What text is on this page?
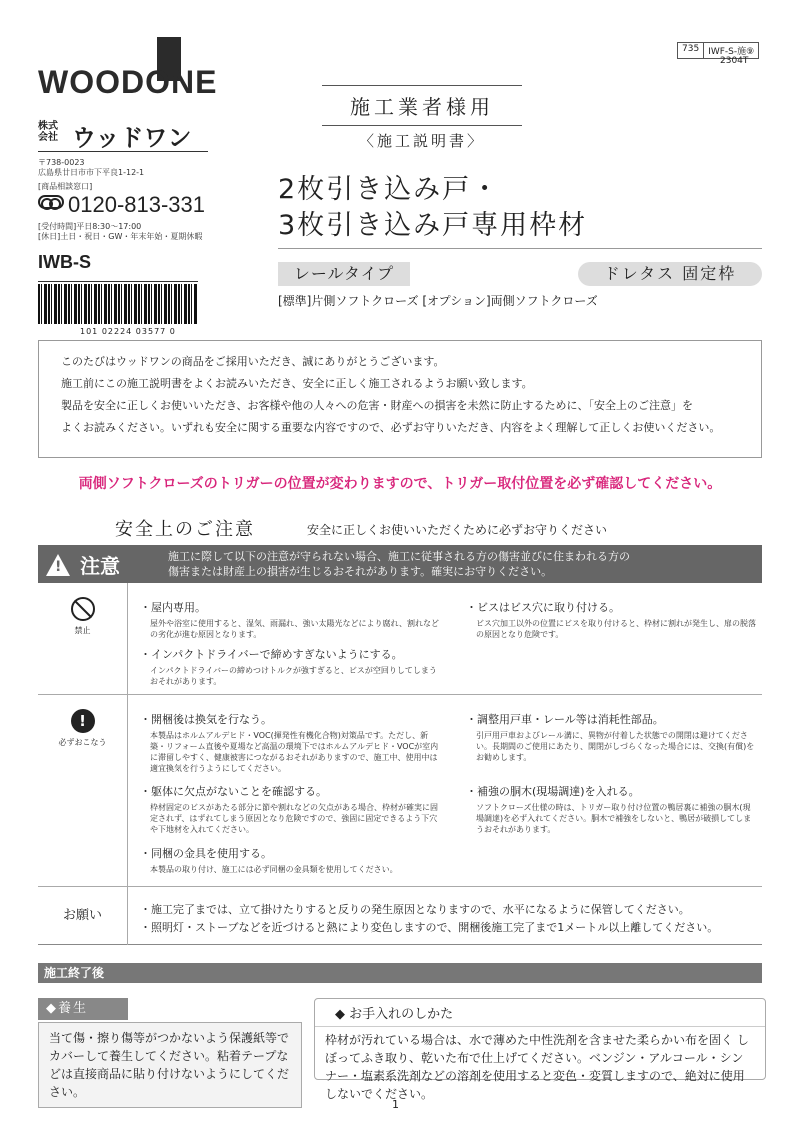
WOODONE
株式会社 ウッドワン
〒738-0023
広島県廿日市市下平良1-12-1
[商品相談窓口]
0120-813-331
[受付時間]平日8:30〜17:00
[休日]土日・祝日・GW・年末年始・夏期休暇
IWB-S
101 02224 03577 0
735	IWF-S-施⑨
2304T
施工業者様用
〈施工説明書〉
2枚引き込み戸・
3枚引き込み戸専用枠材
レールタイプ	ドレタス 固定枠
[標準]片側ソフトクローズ [オプション]両側ソフトクローズ
このたびはウッドワンの商品をご採用いただき、誠にありがとうございます。
施工前にこの施工説明書をよくお読みいただき、安全に正しく施工されるようお願い致します。
製品を安全に正しくお使いいただき、お客様や他の人々への危害・財産への損害を未然に防止するために、「安全上のご注意」を
よくお読みください。いずれも安全に関する重要な内容ですので、必ずお守りいただき、内容をよく理解して正しくお使いください。
両側ソフトクローズのトリガーの位置が変わりますので、トリガー取付位置を必ず確認してください。
安全上のご注意	安全に正しくお使いいただくために必ずお守りください
!
注意	施工に際して以下の注意が守られない場合、施工に従事される方の傷害並びに住まわれる方の
傷害または財産上の損害が生じるおそれがあります。確実にお守りください。
禁止
・屋内専用。
屋外や浴室に使用すると、湿気、雨漏れ、強い太陽光などにより腐れ、割れなどの劣化が進む原因となります。
・インパクトドライバーで締めすぎないようにする。
インパクトドライバーの締めつけトルクが強すぎると、ビスが空回りしてしまうおそれがあります。
・ビスはビス穴に取り付ける。
ビス穴加工以外の位置にビスを取り付けると、枠材に割れが発生し、扉の脱落の原因となり危険です。
!
必ずおこなう
・開梱後は換気を行なう。
本製品はホルムアルデヒド・VOC(揮発性有機化合物)対策品です。ただし、新築・リフォーム直後や夏場など高温の環境下ではホルムアルデヒド・VOCが室内に滞留しやすく、健康被害につながるおそれがありますので、施工中、使用中は適宜換気を行うようにしてください。
・躯体に欠点がないことを確認する。
枠材固定のビスがあたる部分に節や割れなどの欠点がある場合、枠材が確実に固定されず、はずれてしまう原因となり危険ですので、強固に固定できるよう下穴や下地材を入れてください。
・同梱の金具を使用する。
本製品の取り付け、施工には必ず同梱の金具類を使用してください。
・調整用戸車・レール等は消耗性部品。
引戸用戸車およびレール溝に、異物が付着した状態での開閉は避けてください。長期間のご使用にあたり、開閉がしづらくなった場合には、交換(有償)をお勧めします。
・補強の胴木(現場調達)を入れる。
ソフトクローズ仕様の時は、トリガー取り付け位置の鴨居裏に補強の胴木(現場調達)を必ず入れてください。胴木で補強をしないと、鴨居が破損してしまうおそれがあります。
お願い	・施工完了までは、立て掛けたりすると反りの発生原因となりますので、水平になるように保管してください。
・照明灯・ストーブなどを近づけると熱により変色しますので、開梱後施工完了まで1メートル以上離してください。
施工終了後
◆養生
当て傷・擦り傷等がつかないよう保護紙等でカバーして養生してください。粘着テープなどは直接商品に貼り付けないようにしてください。
◆ お手入れのしかた
枠材が汚れている場合は、水で薄めた中性洗剤を含ませた柔らかい布を固く しぼってふき取り、乾いた布で仕上げてください。ベンジン・アルコール・シンナー・塩素系洗剤などの溶剤を使用すると変色・変質しますので、絶対に使用しないでください。
1
